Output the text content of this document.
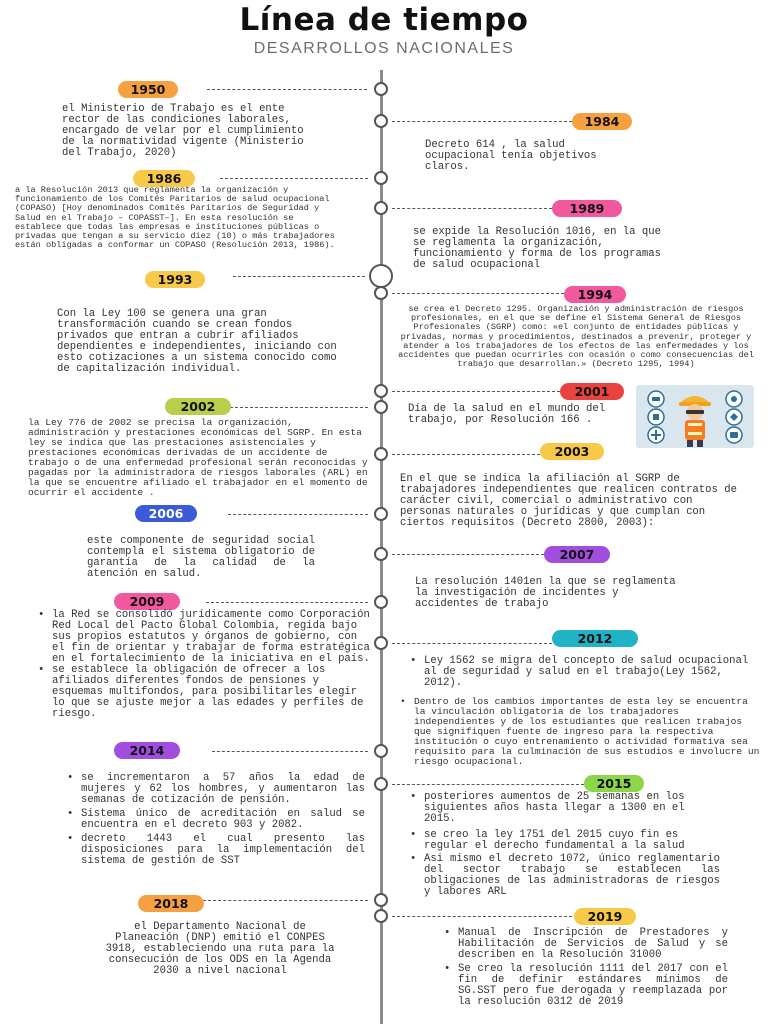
Línea de tiempo
DESARROLLOS NACIONALES
1950
1984
1986
1989
1993
1994
2001
2002
2003
2006
2007
2009
2012
2014
2015
2018
2019
el Ministerio de Trabajo es el ente rector de las condiciones laborales, encargado de velar por el cumplimiento de la normatividad vigente (Ministerio del Trabajo, 2020)
Decreto 614 , la salud ocupacional tenía objetivos claros.
a la Resolución 2013 que reglamenta la organización y funcionamiento de los Comités Paritarios de salud ocupacional (COPASO) [Hoy denominados Comités Paritarios de Seguridad y Salud en el Trabajo – COPASST–]. En esta resolución se establece que todas las empresas e instituciones públicas o privadas que tengan a su servicio diez (10) o más trabajadores están obligadas a conformar un COPASO (Resolución 2013, 1986).
se expide la Resolución 1016, en la que se reglamenta la organización, funcionamiento y forma de los programas de salud ocupacional
Con la Ley 100 se genera una gran transformación cuando se crean fondos privados que entran a cubrir afiliados dependientes e independientes, iniciando con esto cotizaciones a un sistema conocido como de capitalización individual.
se crea el Decreto 1295. Organización y administración de riesgos profesionales, en el que se define el Sistema General de Riesgos Profesionales (SGRP) como: «el conjunto de entidades públicas y privadas, normas y procedimientos, destinados a prevenir, proteger y atender a los trabajadores de los efectos de las enfermedades y los accidentes que puedan ocurrirles con ocasión o como consecuencias del trabajo que desarrollan.» (Decreto 1295, 1994)
Día de la salud en el mundo del trabajo, por Resolución 166 .
la Ley 776 de 2002 se precisa la organización, administración y prestaciones económicas del SGRP. En esta ley se indica que las prestaciones asistenciales y prestaciones económicas derivadas de un accidente de trabajo o de una enfermedad profesional serán reconocidas y pagadas por la administradora de riesgos laborales (ARL) en la que se encuentre afiliado el trabajador en el momento de ocurrir el accidente .
En el que se indica la afiliación al SGRP de trabajadores independientes que realicen contratos de carácter civil, comercial o administrativo con personas naturales o jurídicas y que cumplan con ciertos requisitos (Decreto 2800, 2003):
este componente de seguridad social contempla el sistema obligatorio de garantía de la calidad de la atención en salud.
La resolución 1401en la que se reglamenta la investigación de incidentes y accidentes de trabajo
• la Red se consolidó jurídicamente como Corporación Red Local del Pacto Global Colombia, regida bajo sus propios estatutos y órganos de gobierno, con el fin de orientar y trabajar de forma estratégica en el fortalecimiento de la iniciativa en el país.
• se establece la obligación de ofrecer a los afiliados diferentes fondos de pensiones y esquemas multifondos, para posibilitarles elegir lo que se ajuste mejor a las edades y perfiles de riesgo.
• Ley 1562 se migra del concepto de salud ocupacional al de seguridad y salud en el trabajo(Ley 1562, 2012).
• Dentro de los cambios importantes de esta ley se encuentra la vinculación obligatoria de los trabajadores independientes y de los estudiantes que realicen trabajos que signifiquen fuente de ingreso para la respectiva institución o cuyo entrenamiento o actividad formativa sea requisito para la culminación de sus estudios e involucre un riesgo ocupacional.
• se incrementaron a 57 años la edad de mujeres y 62 los hombres, y aumentaron las semanas de cotización de pensión.
• Sistema único de acreditación en salud se encuentra en el decreto 903 y 2082.
• decreto 1443 el cual presento las disposiciones para la implementación del sistema de gestión de SST
• posteriores aumentos de 25 semanas en los siguientes años hasta llegar a 1300 en el 2015.
• se creo la ley 1751 del 2015 cuyo fin es regular el derecho fundamental a la salud
• Asi mismo el decreto 1072, único reglamentario del sector trabajo se establecen las obligaciones de las administradoras de riesgos y labores ARL
el Departamento Nacional de Planeación (DNP) emitió el CONPES 3918, estableciendo una ruta para la consecución de los ODS en la Agenda 2030 a nivel nacional
• Manual de Inscripción de Prestadores y Habilitación de Servicios de Salud y se describen en la Resolución 31000
• Se creo la resolución 1111 del 2017 con el fin de definir estándares mínimos de SG.SST pero fue derogada y reemplazada por la resolución 0312 de 2019
